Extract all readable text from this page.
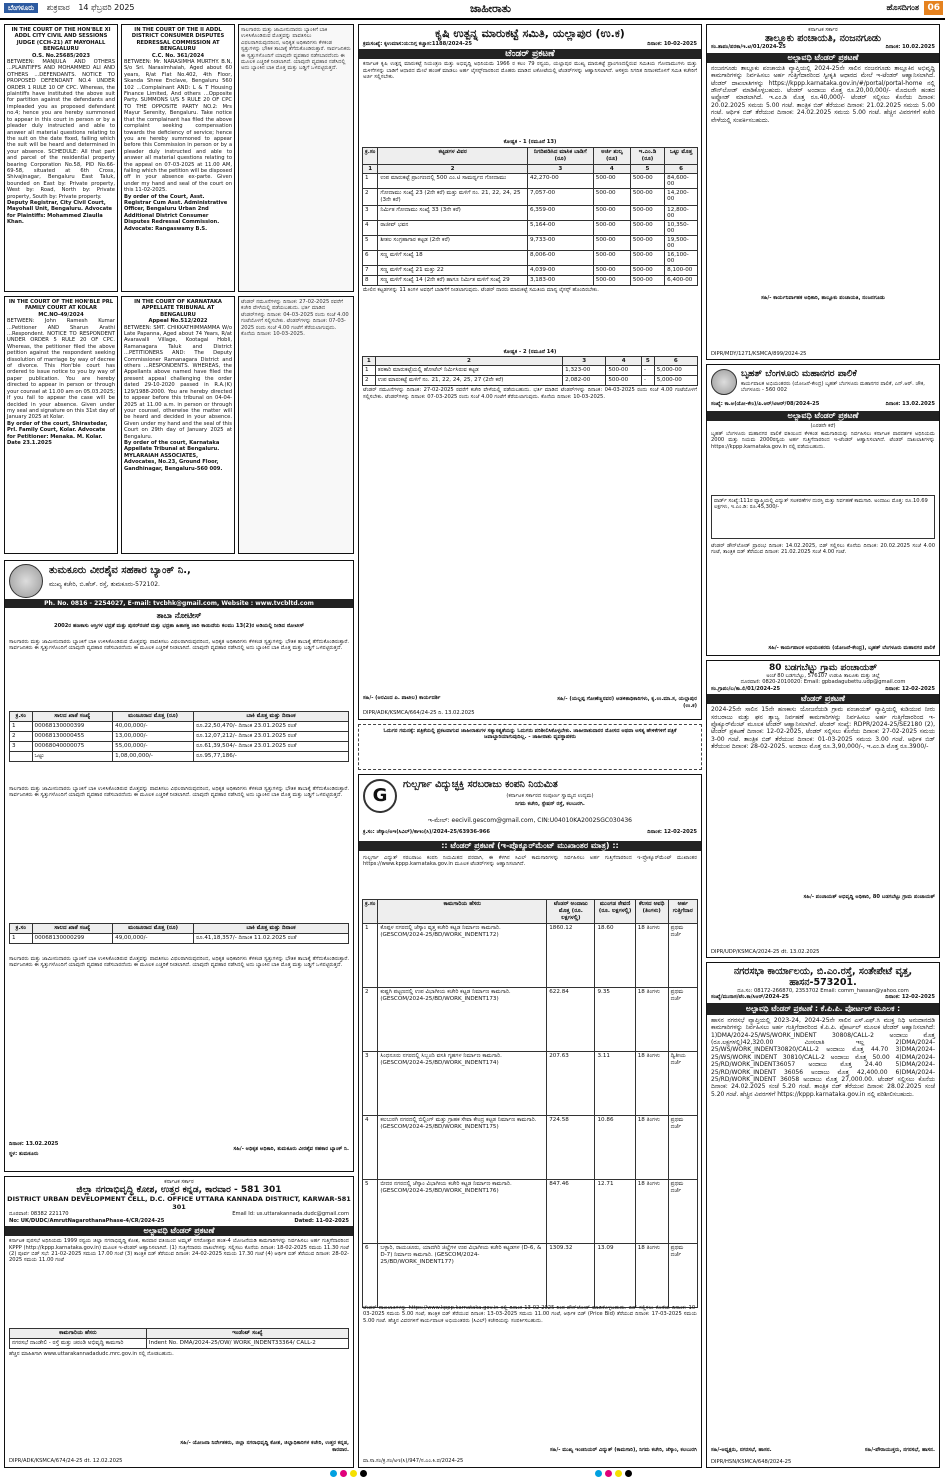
ಬೆಂಗಳೂರು ಶುಕ್ರವಾರ 14 ಫೆಬ್ರವರಿ 2025	ಜಾಹೀರಾತು	ಹೊಸದಿಗಂತ 06
IN THE COURT OF THE HON'BLE XI ADDL CITY CIVIL AND SESSIONS JUDGE (CCH-21) AT MAYOHALL BENGALURU
O.S. No.25685/2023
BETWEEN: MANJULA AND OTHERS ...PLAINTIFFS AND MOHAMMED ALI AND OTHERS ...DEFENDANTS. NOTICE TO PROPOSED DEFENDANT NO.4 UNDER ORDER 1 RULE 10 OF CPC. Whereas, the plaintiffs have instituted the above suit for partition against the defendants and impleaded you as proposed defendant no.4; hence you are hereby summoned to appear in this court in person or by a pleader duly instructed and able to answer all material questions relating to the suit on the date fixed, failing which the suit will be heard and determined in your absence. SCHEDULE: All that part and parcel of the residential property bearing Corporation No.58, PID No.66-69-58, situated at 6th Cross, Shivajinagar, Bengaluru East Taluk, bounded on East by: Private property, West by: Road, North by: Private property, South by: Private property.
Deputy Registrar, City Civil Court, Mayohall Unit, Bengaluru. Advocate for Plaintiffs: Mohammed Ziaulla Khan.
IN THE COURT OF THE II ADDL DISTRICT CONSUMER DISPUTES REDRESSAL COMMISSION AT BENGALURU
C.C. No. 361/2024
BETWEEN: Mr. NARASIMHA MURTHY. B.N, S/o Sri. Narasimhaiah, Aged about 60 years, R/at Flat No.402, 4th Floor, Skanda Shree Enclave, Bengaluru 560 102 ...Complainant AND: L & T Housing Finance Limited, And others ...Opposite Party. SUMMONS U/S 5 RULE 20 OF CPC TO THE OPPOSITE PARTY NO.2: Mrs Mayur Serenity, Bengaluru. Take notice that the complainant has filed the above complaint seeking compensation towards the deficiency of service; hence you are hereby summoned to appear before this Commission in person or by a pleader duly instructed and able to answer all material questions relating to the appeal on 07-03-2025 at 11.00 AM, failing which the petition will be disposed off in your absence ex-parte. Given under my hand and seal of the court on this 11-02-2025.
By order of the Court, Asst. Registrar Cum Asst. Administrative Officer, Bengaluru Urban 2nd Additional District Consumer Disputes Redressal Commission. Advocate: Rangaswamy B.S.
ಸಾಲಗಾರರು ಮತ್ತು ಜಾಮೀನುದಾರರು ಬ್ಯಾಂಕಿಗೆ ಬಾಕಿ ಉಳಿಸಿಕೊಂಡಿರುವ ಮೊತ್ತವನ್ನು ಪಾವತಿಸಲು ವಿಫಲರಾಗಿರುವುದರಿಂದ, ಅಧಿಕೃತ ಅಧಿಕಾರಿಗಳು ಕೆಳಕಂಡ ಸ್ವತ್ತುಗಳನ್ನು ಭೌತಿಕ ತಾಬಾಕ್ಕೆ ತೆಗೆದುಕೊಂಡಿರುತ್ತಾರೆ. ಸಾರ್ವಜನಿಕರು ಈ ಸ್ವತ್ತುಗಳೊಂದಿಗೆ ಯಾವುದೇ ವ್ಯವಹಾರ ನಡೆಸಬಾರದೆಂದು ಈ ಮೂಲಕ ಎಚ್ಚರಿಕೆ ನೀಡಲಾಗಿದೆ. ಯಾವುದೇ ವ್ಯವಹಾರ ನಡೆಸಿದಲ್ಲಿ ಅದು ಬ್ಯಾಂಕಿನ ಬಾಕಿ ಮೊತ್ತ ಮತ್ತು ಬಡ್ಡಿಗೆ ಒಳಪಟ್ಟಿರುತ್ತದೆ.
IN THE COURT OF THE HON'BLE PRL FAMILY COURT AT KOLAR
MC.NO-49/2024
BETWEEN: John Ramesh Kumar ...Petitioner AND Sharun Arathi ...Respondent. NOTICE TO RESPONDENT UNDER ORDER 5 RULE 20 OF CPC. Whereas, the petitioner filed the above petition against the respondent seeking dissolution of marriage by way of decree of divorce. This Hon'ble court has ordered to issue notice to you by way of paper publication. You are hereby directed to appear in person or through your counsel at 11.00 am on 05.03.2025; if you fail to appear the case will be decided in your absence. Given under my seal and signature on this 31st day of January 2025 at Kolar.
By order of the court, Shirastedar, Prl. Family Court, Kolar. Advocate for Petitioner: Menaka. M. Kolar. Date 23.1.2025
IN THE COURT OF KARNATAKA APPELLATE TRIBUNAL AT BENGALURU
Appeal No.512/2022
BETWEEN: SMT. CHIKKATHIMMAMMA W/o Late Papanna, Aged about 74 Years, R/at Avaravalli Village, Kootagal Hobli, Ramanagara Taluk and District ...PETITIONERS AND: The Deputy Commissioner Ramanagara District and others ...RESPONDENTS. WHEREAS, the Appellants above named have filed the present appeal challenging the order dated 29-10-2020 passed in R.A.(K) 129/1988-2000. You are hereby directed to appear before this tribunal on 04-04-2025 at 11.00 a.m. in person or through your counsel, otherwise the matter will be heard and decided in your absence. Given under my hand and the seal of this Court on 29th day of January 2025 at Bengaluru.
By order of the court, Karnataka Appellate Tribunal at Bengaluru. MYLARAIAH ASSOCIATES, Advocates, No.23, Ground Floor, Gandhinagar, Bengaluru-560 009.
ಟೆಂಡರ್ ನಮೂನೆಗಳನ್ನು ದಿನಾಂಕ: 27-02-2025 ರವರೆಗೆ ಕಚೇರಿ ವೇಳೆಯಲ್ಲಿ ಪಡೆಯಬಹುದು. ಭರ್ತಿ ಮಾಡಿದ ಟೆಂಡರ್‌ಗಳನ್ನು ದಿನಾಂಕ: 04-03-2025 ರಂದು ಸಂಜೆ 4.00 ಗಂಟೆಯೊಳಗೆ ಸಲ್ಲಿಸಬೇಕು. ಟೆಂಡರ್‌ಗಳನ್ನು ದಿನಾಂಕ: 07-03-2025 ರಂದು ಸಂಜೆ 4.00 ಗಂಟೆಗೆ ತೆರೆಯಲಾಗುವುದು. ಕೊನೆಯ ದಿನಾಂಕ: 10-03-2025.
ತುಮಕೂರು ವೀರಶೈವ ಸಹಕಾರ ಬ್ಯಾಂಕ್ ನಿ.,
ಮುಖ್ಯ ಕಚೇರಿ, ಬಿ.ಹೆಚ್. ರಸ್ತೆ, ತುಮಕೂರು-572102.
Ph. No. 0816 - 2254027, E-mail: tvcbhk@gmail.com, Website : www.tvcbltd.com
ತಾಬಾ ನೋಟೀಸ್
2002ರ ಹಣಕಾಸು ಆಸ್ತಿಗಳ ಭದ್ರತೆ ಮತ್ತು ಪುನರ್‌ರಚನೆ ಮತ್ತು ಭದ್ರತಾ ಹಿತಾಸಕ್ತಿ ಜಾರಿ ಕಾಯಿದೆಯ ಕಲಮು 13(2)ರ ಅಡಿಯಲ್ಲಿ ನೀಡಿದ ನೋಟೀಸ್
ಸಾಲಗಾರರು ಮತ್ತು ಜಾಮೀನುದಾರರು ಬ್ಯಾಂಕಿಗೆ ಬಾಕಿ ಉಳಿಸಿಕೊಂಡಿರುವ ಮೊತ್ತವನ್ನು ಪಾವತಿಸಲು ವಿಫಲರಾಗಿರುವುದರಿಂದ, ಅಧಿಕೃತ ಅಧಿಕಾರಿಗಳು ಕೆಳಕಂಡ ಸ್ವತ್ತುಗಳನ್ನು ಭೌತಿಕ ತಾಬಾಕ್ಕೆ ತೆಗೆದುಕೊಂಡಿರುತ್ತಾರೆ. ಸಾರ್ವಜನಿಕರು ಈ ಸ್ವತ್ತುಗಳೊಂದಿಗೆ ಯಾವುದೇ ವ್ಯವಹಾರ ನಡೆಸಬಾರದೆಂದು ಈ ಮೂಲಕ ಎಚ್ಚರಿಕೆ ನೀಡಲಾಗಿದೆ. ಯಾವುದೇ ವ್ಯವಹಾರ ನಡೆಸಿದಲ್ಲಿ ಅದು ಬ್ಯಾಂಕಿನ ಬಾಕಿ ಮೊತ್ತ ಮತ್ತು ಬಡ್ಡಿಗೆ ಒಳಪಟ್ಟಿರುತ್ತದೆ.
ಕ್ರ.ಸಂ	ಸಾಲದ ಖಾತೆ ಸಂಖ್ಯೆ	ಮಂಜೂರಾದ ಮೊತ್ತ (ರೂ)	ಬಾಕಿ ಮೊತ್ತ ಮತ್ತು ದಿನಾಂಕ
1	00068130000399	40,00,000/-	ರೂ.22,50,470/- ದಿನಾಂಕ 23.01.2025 ರಂತೆ
2	00068130000455	13,00,000/-	ರೂ.12,07,212/- ದಿನಾಂಕ 23.01.2025 ರಂತೆ
3	00068040000075	55,00,000/-	ರೂ.61,39,504/- ದಿನಾಂಕ 23.01.2025 ರಂತೆ
	ಒಟ್ಟು	1,08,00,000/-	ರೂ.95,77,186/-
ಸಾಲಗಾರರು ಮತ್ತು ಜಾಮೀನುದಾರರು ಬ್ಯಾಂಕಿಗೆ ಬಾಕಿ ಉಳಿಸಿಕೊಂಡಿರುವ ಮೊತ್ತವನ್ನು ಪಾವತಿಸಲು ವಿಫಲರಾಗಿರುವುದರಿಂದ, ಅಧಿಕೃತ ಅಧಿಕಾರಿಗಳು ಕೆಳಕಂಡ ಸ್ವತ್ತುಗಳನ್ನು ಭೌತಿಕ ತಾಬಾಕ್ಕೆ ತೆಗೆದುಕೊಂಡಿರುತ್ತಾರೆ. ಸಾರ್ವಜನಿಕರು ಈ ಸ್ವತ್ತುಗಳೊಂದಿಗೆ ಯಾವುದೇ ವ್ಯವಹಾರ ನಡೆಸಬಾರದೆಂದು ಈ ಮೂಲಕ ಎಚ್ಚರಿಕೆ ನೀಡಲಾಗಿದೆ. ಯಾವುದೇ ವ್ಯವಹಾರ ನಡೆಸಿದಲ್ಲಿ ಅದು ಬ್ಯಾಂಕಿನ ಬಾಕಿ ಮೊತ್ತ ಮತ್ತು ಬಡ್ಡಿಗೆ ಒಳಪಟ್ಟಿರುತ್ತದೆ.
ಕ್ರ.ಸಂ	ಸಾಲದ ಖಾತೆ ಸಂಖ್ಯೆ	ಮಂಜೂರಾದ ಮೊತ್ತ (ರೂ)	ಬಾಕಿ ಮೊತ್ತ ಮತ್ತು ದಿನಾಂಕ
1	00068130000299	49,00,000/-	ರೂ.41,18,357/- ದಿನಾಂಕ 11.02.2025 ರಂತೆ
ಸಾಲಗಾರರು ಮತ್ತು ಜಾಮೀನುದಾರರು ಬ್ಯಾಂಕಿಗೆ ಬಾಕಿ ಉಳಿಸಿಕೊಂಡಿರುವ ಮೊತ್ತವನ್ನು ಪಾವತಿಸಲು ವಿಫಲರಾಗಿರುವುದರಿಂದ, ಅಧಿಕೃತ ಅಧಿಕಾರಿಗಳು ಕೆಳಕಂಡ ಸ್ವತ್ತುಗಳನ್ನು ಭೌತಿಕ ತಾಬಾಕ್ಕೆ ತೆಗೆದುಕೊಂಡಿರುತ್ತಾರೆ. ಸಾರ್ವಜನಿಕರು ಈ ಸ್ವತ್ತುಗಳೊಂದಿಗೆ ಯಾವುದೇ ವ್ಯವಹಾರ ನಡೆಸಬಾರದೆಂದು ಈ ಮೂಲಕ ಎಚ್ಚರಿಕೆ ನೀಡಲಾಗಿದೆ. ಯಾವುದೇ ವ್ಯವಹಾರ ನಡೆಸಿದಲ್ಲಿ ಅದು ಬ್ಯಾಂಕಿನ ಬಾಕಿ ಮೊತ್ತ ಮತ್ತು ಬಡ್ಡಿಗೆ ಒಳಪಟ್ಟಿರುತ್ತದೆ.
ದಿನಾಂಕ: 13.02.2025
ಸ್ಥಳ: ತುಮಕೂರು
ಸಹಿ/- ಅಧಿಕೃತ ಅಧಿಕಾರಿ, ತುಮಕೂರು ವೀರಶೈವ ಸಹಕಾರ ಬ್ಯಾಂಕ್ ನಿ.
ಕರ್ನಾಟಕ ಸರ್ಕಾರ
ಜಿಲ್ಲಾ ನಗರಾಭಿವೃದ್ಧಿ ಕೋಶ, ಉತ್ತರ ಕನ್ನಡ, ಕಾರವಾರ - 581 301
DISTRICT URBAN DEVELOPMENT CELL, D.C. OFFICE UTTARA KANNADA DISTRICT, KARWAR-581 301
ದೂರವಾಣಿ: 08382 221170	Email Id: us.uttarakannada.dudc@gmail.com
No: UK/DUDC/AmrutNagarothanaPhase-4/CR/2024-25	Dated: 11-02-2025
ಅಲ್ಪಾವಧಿ ಟೆಂಡರ್ ಪ್ರಕಟಣೆ
ಕರ್ನಾಟಕ ಪುರಸಭೆ ಅಧಿನಿಯಮ 1999 ರನ್ವಯ ಜಿಲ್ಲಾ ನಗರಾಭಿವೃದ್ಧಿ ಕೋಶ, ಕಾರವಾರ ವತಿಯಿಂದ ಅಮೃತ್ ನಗರೋತ್ಥಾನ ಹಂತ-4 ಯೋಜನೆಯಡಿ ಕಾಮಗಾರಿಗಳನ್ನು ನಿರ್ವಹಿಸಲು ಅರ್ಹ ಗುತ್ತಿಗೆದಾರರಿಂದ KPPP (http://kppp.karnataka.gov.in) ಮೂಲಕ ಇ-ಟೆಂಡರ್ ಆಹ್ವಾನಿಸಲಾಗಿದೆ. (1) ಗುತ್ತಿಗೆದಾರರು ದಾಖಲೆಗಳನ್ನು ಸಲ್ಲಿಸಲು ಕೊನೆಯ ದಿನಾಂಕ: 18-02-2025 ಸಮಯ 11.30 ಗಂಟೆ (2) ಪೂರ್ವ ಬಿಡ್ ಸಭೆ: 21-02-2025 ಸಮಯ 17.00 ಗಂಟೆ (3) ತಾಂತ್ರಿಕ ಬಿಡ್ ತೆರೆಯುವ ದಿನಾಂಕ: 24-02-2025 ಸಮಯ 17.30 ಗಂಟೆ (4) ಆರ್ಥಿಕ ಬಿಡ್ ತೆರೆಯುವ ದಿನಾಂಕ: 28-02-2025 ಸಮಯ 11.00 ಗಂಟೆ
ಕಾಮಗಾರಿಯ ಹೆಸರು	ಇಂಡೆಂಟ್ ಸಂಖ್ಯೆ
ನಗರಸಭೆ ದಾಂಡೇಲಿ - ರಸ್ತೆ ಮತ್ತು ಚರಂಡಿ ಅಭಿವೃದ್ಧಿ ಕಾಮಗಾರಿ	Indent No. DMA/2024-25/OW/ WORK_INDENT33364/ CALL-2
ಹೆಚ್ಚಿನ ಮಾಹಿತಿಗಾಗಿ www.uttarakannadadudc.mrc.gov.in ನಲ್ಲಿ ನೋಡಬಹುದು.
ಸಹಿ/- ಯೋಜನಾ ನಿರ್ದೇಶಕರು, ಜಿಲ್ಲಾ ನಗರಾಭಿವೃದ್ಧಿ ಕೋಶ, ಜಿಲ್ಲಾಧಿಕಾರಿಗಳ ಕಚೇರಿ, ಉತ್ತರ ಕನ್ನಡ, ಕಾರವಾರ.
DIPR/ADK/KSMCA/674/24-25 dt. 12.02.2025
ಕೃಷಿ ಉತ್ಪನ್ನ ಮಾರುಕಟ್ಟೆ ಸಮಿತಿ, ಯಲ್ಲಾಪುರ (ಉ.ಕ)
ಕ್ರಮಸಂಖ್ಯೆ: ಕೃಉಮಾಸ:ಯ:ನಿಗ್ಗ ಕಚ್ಚಾಸ:1188/2024-25	ದಿನಾಂಕ: 10-02-2025
ಟೆಂಡರ್ ಪ್ರಕಟಣೆ
ಕರ್ನಾಟಕ ಕೃಷಿ ಉತ್ಪನ್ನ ಮಾರುಕಟ್ಟೆ ನಿಯಂತ್ರಣ ಮತ್ತು ಅಭಿವೃದ್ಧಿ ಅಧಿನಿಯಮ 1966 ರ ಕಲಂ 79 ರನ್ವಯ, ಯಲ್ಲಾಪುರ ಮುಖ್ಯ ಮಾರುಕಟ್ಟೆ ಪ್ರಾಂಗಣದಲ್ಲಿರುವ ಸಮಿತಿಯ ಗೋದಾಮುಗಳು ಮತ್ತು ಮಳಿಗೆಗಳನ್ನು ಬಾಡಿಗೆ ಆಧಾರದ ಮೇಲೆ ಹಂಚಿಕೆ ಮಾಡಲು ಅರ್ಹ ಲೈಸನ್ಸ್‌ದಾರರಿಂದ ಮೊಹರು ಮಾಡಿದ ಲಕೋಟೆಯಲ್ಲಿ ಟೆಂಡರ್‌ಗಳನ್ನು ಆಹ್ವಾನಿಸಲಾಗಿದೆ. ಆಸಕ್ತರು ನಿಗದಿತ ದಿನಾಂಕದೊಳಗೆ ಸಮಿತಿ ಕಚೇರಿಗೆ ಅರ್ಜಿ ಸಲ್ಲಿಸಬೇಕು.
ಕೋಷ್ಟಕ - 1 (ನಮೂನೆ 13)
ಕ್ರ.ಸಂ	ಕಟ್ಟಡಗಳ ವಿವರ	ನಿಗದಿಪಡಿಸಿದ ಮಾಸಿಕ ಬಾಡಿಗೆ (ರೂ)	ಅರ್ಜಿ ಶುಲ್ಕ (ರೂ)	ಇ.ಎಂ.ಡಿ (ರೂ)	ಒಟ್ಟು ಮೊತ್ತ
1	2	3	4	5	6
1	ಉಪ ಮಾರುಕಟ್ಟೆ ಪ್ರಾಂಗಣದಲ್ಲಿ 500 ಎಂ.ಟಿ ಸಾಮರ್ಥ್ಯದ ಗೋದಾಮು	42,270-00	500-00	500-00	84,600-00
2	ಗೋದಾಮು ಸಂಖ್ಯೆ 23 (2ನೇ ಕರೆ) ಮತ್ತು ಮಳಿಗೆ ನಂ. 21, 22, 24, 25 (3ನೇ ಕರೆ)	7,057-00	500-00	500-00	14,200-00
3	ನಿರ್ಮಿತ ಗೋದಾಮು ಸಂಖ್ಯೆ 33 (3ನೇ ಕರೆ)	6,359-00	500-00	500-00	12,800-00
4	ರಾಜೀವ್ ಭವನ	5,164-00	500-00	500-00	10,350-00
5	ಶೀತಲ ಸಂಗ್ರಹಾಗಾರ ಕಟ್ಟಡ (2ನೇ ಕರೆ)	9,733-00	500-00	500-00	19,500-00
6	ಸಣ್ಣ ಮಳಿಗೆ ಸಂಖ್ಯೆ 18	8,006-00	500-00	500-00	16,100-00
7	ಸಣ್ಣ ಮಳಿಗೆ ಸಂಖ್ಯೆ 21 ಮತ್ತು 22	4,039-00	500-00	500-00	8,100-00
8	ಸಣ್ಣ ಮಳಿಗೆ ಸಂಖ್ಯೆ 14 (2ನೇ ಕರೆ) ಹಾಗೂ ನಿರ್ಮಿತ ಮಳಿಗೆ ಸಂಖ್ಯೆ 29	3,183-00	500-00	500-00	6,400-00
ಮೇಲಿನ ಕಟ್ಟಡಗಳನ್ನು 11 ತಿಂಗಳ ಅವಧಿಗೆ ಬಾಡಿಗೆಗೆ ನೀಡಲಾಗುವುದು. ಟೆಂಡರ್ ದಾರರು ಮಾರುಕಟ್ಟೆ ಸಮಿತಿಯ ಮಾನ್ಯ ಲೈಸನ್ಸ್ ಹೊಂದಿರಬೇಕು.
ಕೋಷ್ಟಕ - 2 (ನಮೂನೆ 14)
1	2	3	4	5	6
1	ತರಕಾರಿ ಮಾರುಕಟ್ಟೆಯಲ್ಲಿ ಹೋಟೆಲ್ ನಿರ್ಮಿಸಿರುವ ಕಟ್ಟಡ	1,323-00	500-00	-	5,000-00
2	ಉಪ ಮಾರುಕಟ್ಟೆ ಮಳಿಗೆ ನಂ. 21, 22, 24, 25, 27 (2ನೇ ಕರೆ)	2,082-00	500-00	-	5,000-00
ಟೆಂಡರ್ ನಮೂನೆಗಳನ್ನು ದಿನಾಂಕ: 27-02-2025 ರವರೆಗೆ ಕಚೇರಿ ವೇಳೆಯಲ್ಲಿ ಪಡೆಯಬಹುದು. ಭರ್ತಿ ಮಾಡಿದ ಟೆಂಡರ್‌ಗಳನ್ನು ದಿನಾಂಕ: 04-03-2025 ರಂದು ಸಂಜೆ 4.00 ಗಂಟೆಯೊಳಗೆ ಸಲ್ಲಿಸಬೇಕು. ಟೆಂಡರ್‌ಗಳನ್ನು ದಿನಾಂಕ: 07-03-2025 ರಂದು ಸಂಜೆ 4.00 ಗಂಟೆಗೆ ತೆರೆಯಲಾಗುವುದು. ಕೊನೆಯ ದಿನಾಂಕ: 10-03-2025.
ಸಹಿ/- (ಅರವಿಂದ ಪಿ. ಪಾಟೀಲ) ಕಾರ್ಯದರ್ಶಿ	ಸಹಿ/- (ಯಲ್ಲಪ್ಪ ಗೋಣೆಣ್ಣನವರ) ಆಡಳಿತಾಧಿಕಾರಿಗಳು, ಕೃ.ಉ.ಮಾ.ಸ, ಯಲ್ಲಾಪುರ (ಉ.ಕ)
DIPR/ADK/KSMCA/664/24-25 ದಿ. 13.02.2025
ಓದುಗರ ಗಮನಕ್ಕೆ: ಪತ್ರಿಕೆಯಲ್ಲಿ ಪ್ರಕಟವಾಗುವ ಜಾಹೀರಾತುಗಳ ಸತ್ಯಾಸತ್ಯತೆಯನ್ನು ಓದುಗರು ಪರಿಶೀಲಿಸಿಕೊಳ್ಳಬೇಕು. ಜಾಹೀರಾತುದಾರರ ಮೋಸದ ಅಥವಾ ಅಸತ್ಯ ಹೇಳಿಕೆಗಳಿಗೆ ಪತ್ರಿಕೆ ಜವಾಬ್ದಾರಿಯಾಗುವುದಿಲ್ಲ. - ಜಾಹೀರಾತು ವ್ಯವಸ್ಥಾಪಕರು
G
ಗುಲ್ಬರ್ಗಾ ವಿದ್ಯುಚ್ಛಕ್ತಿ ಸರಬರಾಜು ಕಂಪನಿ ನಿಯಮಿತ
(ಕರ್ನಾಟಕ ಸರ್ಕಾರದ ಸಂಪೂರ್ಣ ಸ್ವಾಮ್ಯದ ಉದ್ಯಮ)
ನಿಗಮ ಕಚೇರಿ, ಸ್ಟೇಷನ್ ರಸ್ತೆ, ಕಲಬುರಗಿ.
ಇ-ಮೇಲ್: eecivil.gescom@gmail.com, CIN:U04010KA2002SGC030436
ಕ್ರ.ಸಂ: ಜೆಸ್ಕಾಂ/ಅಇ(ಸಿವಿಲ್)/ಕಾಇಂ(ಸಿ)/2024-25/63936-966	ದಿನಾಂಕ: 12-02-2025
:: ಟೆಂಡರ್ ಪ್ರಕಟಣೆ (ಇ-ಪ್ರೊಕ್ಯೂರ್‌ಮೆಂಟ್ ಮುಖಾಂತರ ಮಾತ್ರ) ::
ಗುಲ್ಬರ್ಗಾ ವಿದ್ಯುತ್ ಸರಬರಾಜು ಕಂಪನಿ ನಿಯಮಿತದ ಪರವಾಗಿ, ಈ ಕೆಳಗಿನ ಸಿವಿಲ್ ಕಾಮಗಾರಿಗಳನ್ನು ನಿರ್ವಹಿಸಲು ಅರ್ಹ ಗುತ್ತಿಗೆದಾರರಿಂದ ಇ-ಪ್ರೊಕ್ಯೂರ್‌ಮೆಂಟ್ ಮುಖಾಂತರ https://www.kppp.karnataka.gov.in ಮೂಲಕ ಟೆಂಡರ್‌ಗಳನ್ನು ಆಹ್ವಾನಿಸಲಾಗಿದೆ.
ಕ್ರ.ಸಂ	ಕಾಮಗಾರಿಯ ಹೆಸರು	ಟೆಂಡರ್ ಅಂದಾಜು ಮೊತ್ತ (ರೂ. ಲಕ್ಷಗಳಲ್ಲಿ)	ಮುಂಗಡ ಠೇವಣಿ (ರೂ. ಲಕ್ಷಗಳಲ್ಲಿ)	ಕೆಲಸದ ಅವಧಿ (ತಿಂಗಳು)	ಅರ್ಹ ಗುತ್ತಿಗೆದಾರ
1	ಕೊಪ್ಪಳ ನಗರದಲ್ಲಿ ಜೆಸ್ಕಾಂ ವೃತ್ತ ಕಚೇರಿ ಕಟ್ಟಡ ನಿರ್ಮಾಣ ಕಾಮಗಾರಿ. (GESCOM/2024-25/BD/WORK_INDENT172)	1860.12	18.60	18 ತಿಂಗಳು	ಪ್ರಥಮ ದರ್ಜೆ
2	ಕುಷ್ಟಗಿ ಪಟ್ಟಣದಲ್ಲಿ ಉಪ ವಿಭಾಗೀಯ ಕಚೇರಿ ಕಟ್ಟಡ ನಿರ್ಮಾಣ ಕಾಮಗಾರಿ. (GESCOM/2024-25/BD/WORK_INDENT173)	622.84	9.35	18 ತಿಂಗಳು	ಪ್ರಥಮ ದರ್ಜೆ
3	ಸಿಂಧನೂರು ನಗರದಲ್ಲಿ ಸಿಬ್ಬಂದಿ ವಸತಿ ಗೃಹಗಳ ನಿರ್ಮಾಣ ಕಾಮಗಾರಿ. (GESCOM/2024-25/BD/WORK_INDENT174)	207.63	3.11	18 ತಿಂಗಳು	ದ್ವಿತೀಯ ದರ್ಜೆ
4	ಕಲಬುರಗಿ ನಗರದಲ್ಲಿ ಬಿಲ್ಲಿಂಗ್ ಮತ್ತು ಗ್ರಾಹಕ ಸೇವಾ ಕೇಂದ್ರ ಕಟ್ಟಡ ನಿರ್ಮಾಣ ಕಾಮಗಾರಿ. (GESCOM/2024-25/BD/WORK_INDENT175)	724.58	10.86	18 ತಿಂಗಳು	ಪ್ರಥಮ ದರ್ಜೆ
5	ಬೀದರ ನಗರದಲ್ಲಿ ಜೆಸ್ಕಾಂ ವಿಭಾಗೀಯ ಕಚೇರಿ ಕಟ್ಟಡ ನಿರ್ಮಾಣ ಕಾಮಗಾರಿ. (GESCOM/2024-25/BD/WORK_INDENT176)	847.46	12.71	18 ತಿಂಗಳು	ಪ್ರಥಮ ದರ್ಜೆ
6	ಬಳ್ಳಾರಿ, ರಾಯಚೂರು, ಯಾದಗಿರಿ ಜಿಲ್ಲೆಗಳ ಉಪ ವಿಭಾಗೀಯ ಕಚೇರಿ ಕಟ್ಟಡಗಳ (D-6, & D-7) ನಿರ್ಮಾಣ ಕಾಮಗಾರಿ. (GESCOM/2024-25/BD/WORK_INDENT177)	1309.32	13.09	18 ತಿಂಗಳು	ಪ್ರಥಮ ದರ್ಜೆ
ಟೆಂಡರ್ ದಾಖಲಾತಿಗಳನ್ನು https://www.kppp.karnataka.gov.in ನಲ್ಲಿ ದಿನಾಂಕ 13-02-2025 ರಿಂದ ಡೌನ್‌ಲೋಡ್ ಮಾಡಿಕೊಳ್ಳಬಹುದು. ಬಿಡ್ ಸಲ್ಲಿಸಲು ಕೊನೆಯ ದಿನಾಂಕ: 10-03-2025 ಸಮಯ 5.00 ಗಂಟೆ, ತಾಂತ್ರಿಕ ಬಿಡ್ ತೆರೆಯುವ ದಿನಾಂಕ: 13-03-2025 ಸಮಯ 11.00 ಗಂಟೆ, ಆರ್ಥಿಕ ಬಿಡ್ (Price Bid) ತೆರೆಯುವ ದಿನಾಂಕ: 17-03-2025 ಸಮಯ 5.00 ಗಂಟೆ. ಹೆಚ್ಚಿನ ವಿವರಗಳಿಗೆ ಕಾರ್ಯಪಾಲಕ ಅಭಿಯಂತರರು (ಸಿವಿಲ್) ಕಚೇರಿಯನ್ನು ಸಂಪರ್ಕಿಸಬಹುದು.
ಸಹಿ/- ಮುಖ್ಯ ಇಂಜಿನಿಯರ್ ವಿದ್ಯುತ್ (ಕಾಮಗಾರಿ), ನಿಗಮ ಕಚೇರಿ, ಜೆಸ್ಕಾಂ, ಕಲಬುರಗಿ
ವಾ.ಸಾ.ಸಂ/ಕ್ರ.ಸಂ/ಅಇ(ಸಿ)/947/ಸ.ಎಂ.ಕಿ.ಪ/2024-25
ಕರ್ನಾಟಕ ಸರ್ಕಾರ
ತಾಲ್ಲೂಕು ಪಂಚಾಯತಿ, ನಂಜನಗೂಡು
ಸಂ.ತಾಪಂ/ಪರಕಾ/ಇ.ಟಿ/01/2024-25	ದಿನಾಂಕ: 10.02.2025
ಅಲ್ಪಾವಧಿ ಟೆಂಡರ್ ಪ್ರಕಟಣೆ
ನಂಜನಗೂಡು ತಾಲ್ಲೂಕು ಪಂಚಾಯತಿ ವ್ಯಾಪ್ತಿಯಲ್ಲಿ 2024-25ನೇ ಸಾಲಿನ ನಂಜನಗೂಡು ತಾಲ್ಲೂಕಿನ ಅಭಿವೃದ್ಧಿ ಕಾಮಗಾರಿಗಳನ್ನು ನಿರ್ವಹಿಸಲು ಅರ್ಹ ಗುತ್ತಿಗೆದಾರರಿಂದ ಸ್ವೀಕೃತಿ ಆಧಾರದ ಮೇಲೆ ಇ-ಟೆಂಡರ್ ಆಹ್ವಾನಿಸಲಾಗಿದೆ. ಟೆಂಡರ್ ದಾಖಲಾತಿಗಳನ್ನು https://kppp.karnataka.gov.in/#/portal/portal-home ನಲ್ಲಿ ಡೌನ್‌ಲೋಡ್ ಮಾಡಿಕೊಳ್ಳಬಹುದು. ಟೆಂಡರ್ ಅಂದಾಜು ಮೊತ್ತ ರೂ.20,00,000/- ಮೊದಲನೇ ಹಂತದ ಅಪ್ಲೋಡ್ ಮಾಡಲಾಗಿದೆ. ಇ.ಎಂ.ಡಿ ಮೊತ್ತ ರೂ.40,000/- ಟೆಂಡರ್ ಸಲ್ಲಿಸಲು ಕೊನೆಯ ದಿನಾಂಕ: 20.02.2025 ಸಮಯ 5.00 ಗಂಟೆ. ತಾಂತ್ರಿಕ ಬಿಡ್ ತೆರೆಯುವ ದಿನಾಂಕ: 21.02.2025 ಸಮಯ 5.00 ಗಂಟೆ. ಆರ್ಥಿಕ ಬಿಡ್ ತೆರೆಯುವ ದಿನಾಂಕ: 24.02.2025 ಸಮಯ 5.00 ಗಂಟೆ. ಹೆಚ್ಚಿನ ವಿವರಗಳಿಗೆ ಕಚೇರಿ ವೇಳೆಯಲ್ಲಿ ಸಂಪರ್ಕಿಸಬಹುದು.
ಸಹಿ/- ಕಾರ್ಯನಿರ್ವಾಹಕ ಅಧಿಕಾರಿ, ತಾಲ್ಲೂಕು ಪಂಚಾಯತಿ, ನಂಜನಗೂಡು
DIPR/MDY/1271/KSMCA/899/2024-25
ಬೃಹತ್ ಬೆಂಗಳೂರು ಮಹಾನಗರ ಪಾಲಿಕೆ
ಕಾರ್ಯಪಾಲಕ ಅಭಿಯಂತರರು (ಯೋಜನೆ-ಕೇಂದ್ರ) ಬೃಹತ್ ಬೆಂಗಳೂರು ಮಹಾನಗರ ಪಾಲಿಕೆ, ಎನ್.ಆರ್. ಚೌಕ, ಬೆಂಗಳೂರು - 560 002
ಸಂಖ್ಯೆ: ಕಾ.ಅ(ಯೋ-ಕೇಂ)/ಪಿ.ಆರ್/ಟಿಆರ್/08/2024-25	ದಿನಾಂಕ: 13.02.2025
ಅಲ್ಪಾವಧಿ ಟೆಂಡರ್ ಪ್ರಕಟಣೆ
(ಎರಡನೇ ಕರೆ)
ಬೃಹತ್ ಬೆಂಗಳೂರು ಮಹಾನಗರ ಪಾಲಿಕೆ ವತಿಯಿಂದ ಕೆಳಕಂಡ ಕಾಮಗಾರಿಯನ್ನು ನಿರ್ವಹಿಸಲು ಕರ್ನಾಟಕ ಪಾರದರ್ಶಕ ಅಧಿನಿಯಮ 2000 ಮತ್ತು ನಿಯಮ 2000ರನ್ವಯ ಅರ್ಹ ಗುತ್ತಿಗೆದಾರರಿಂದ ಇ-ಟೆಂಡರ್ ಆಹ್ವಾನಿಸಲಾಗಿದೆ. ಟೆಂಡರ್ ದಾಖಲಾತಿಗಳನ್ನು https://kppp.karnataka.gov.in ನಲ್ಲಿ ಪಡೆಯಬಹುದು.
ವಾರ್ಡ್ ಸಂಖ್ಯೆ:111ರ ವ್ಯಾಪ್ತಿಯಲ್ಲಿ ವಿದ್ಯುತ್ ಸಲಕರಣೆಗಳ ದುರಸ್ತಿ ಮತ್ತು ನಿರ್ವಹಣೆ ಕಾಮಗಾರಿ. ಅಂದಾಜು ಮೊತ್ತ: ರೂ.10.69 ಲಕ್ಷಗಳು, ಇ.ಎಂ.ಡಿ: ರೂ.45,300/-
ಟೆಂಡರ್ ಡೌನ್‌ಲೋಡ್ ಪ್ರಾರಂಭ ದಿನಾಂಕ: 14.02.2025, ಬಿಡ್ ಸಲ್ಲಿಸಲು ಕೊನೆಯ ದಿನಾಂಕ: 20.02.2025 ಸಂಜೆ 4.00 ಗಂಟೆ, ತಾಂತ್ರಿಕ ಬಿಡ್ ತೆರೆಯುವ ದಿನಾಂಕ: 21.02.2025 ಸಂಜೆ 4.00 ಗಂಟೆ.
ಸಹಿ/- ಕಾರ್ಯಪಾಲಕ ಅಭಿಯಂತರರು (ಯೋಜನೆ-ಕೇಂದ್ರ), ಬೃಹತ್ ಬೆಂಗಳೂರು ಮಹಾನಗರ ಪಾಲಿಕೆ
80 ಬಡಗಬೆಟ್ಟು ಗ್ರಾಮ ಪಂಚಾಯತ್
ಅಂಚೆ 80 ಬಡಗಬೆಟ್ಟು, 576107 ಉಡುಪಿ ತಾಲೂಕು ಮತ್ತು ಜಿಲ್ಲೆ
ದೂರವಾಣಿ: 0820-2010020: Email: gpbadagubettu.udp@gmail.com
ಸಂ.ಗ್ರಾಪಂ/ಬ/ಕಾ.ಲಿ/01/2024-25	ದಿನಾಂಕ: 12-02-2025
ಟೆಂಡರ್ ಪ್ರಕಟಣೆ
2024-25ನೇ ಸಾಲಿನ 15ನೇ ಹಣಕಾಸು ಯೋಜನೆಯಡಿ ಗ್ರಾಮ ಪಂಚಾಯತ್ ವ್ಯಾಪ್ತಿಯಲ್ಲಿ ಕುಡಿಯುವ ನೀರು ಸರಬರಾಜು ಮತ್ತು ಘನ ತ್ಯಾಜ್ಯ ನಿರ್ವಹಣೆ ಕಾಮಗಾರಿಗಳನ್ನು ನಿರ್ವಹಿಸಲು ಅರ್ಹ ಗುತ್ತಿಗೆದಾರರಿಂದ ಇ-ಪ್ರೊಕ್ಯೂರ್‌ಮೆಂಟ್ ಮೂಲಕ ಟೆಂಡರ್ ಆಹ್ವಾನಿಸಲಾಗಿದೆ. ಟೆಂಡರ್ ಸಂಖ್ಯೆ: RDPR/2024-25/SE2180 (2), ಟೆಂಡರ್ ಪ್ರಕಟಣೆ ದಿನಾಂಕ: 12-02-2025, ಟೆಂಡರ್ ಸಲ್ಲಿಸಲು ಕೊನೆಯ ದಿನಾಂಕ: 27-02-2025 ಸಮಯ 3-00 ಗಂಟೆ. ತಾಂತ್ರಿಕ ಬಿಡ್ ತೆರೆಯುವ ದಿನಾಂಕ: 01-03-2025 ಸಮಯ 3.00 ಗಂಟೆ. ಆರ್ಥಿಕ ಬಿಡ್ ತೆರೆಯುವ ದಿನಾಂಕ: 28-02-2025. ಅಂದಾಜು ಮೊತ್ತ ರೂ.3,90,000/-, ಇ.ಎಂ.ಡಿ ಮೊತ್ತ ರೂ.3900/-
ಸಹಿ/- ಪಂಚಾಯತ್ ಅಭಿವೃದ್ಧಿ ಅಧಿಕಾರಿ, 80 ಬಡಗಬೆಟ್ಟು ಗ್ರಾಮ ಪಂಚಾಯತ್
DIPR/UDP/KSMCA/2024-25 dt. 13.02.2025
ನಗರಸಭಾ ಕಾರ್ಯಾಲಯ, ಬಿ.ಎಂ.ರಸ್ತೆ, ಸಂತೇಪೇಟೆ ವೃತ್ತ, ಹಾಸನ-573201.
ದೂ.ಸಂ: 08172-266870, 2353702 Email: comm_hassan@yahoo.com
ಸಂಖ್ಯೆ/ಮುನಾಸ/ಟೆಂ.ಕಾ/ಸಿಆರ್/2024-25	ದಿನಾಂಕ: 12-02-2025
ಅಲ್ಪಾವಧಿ ಟೆಂಡರ್ ಪ್ರಕಟಣೆ : ಕೆ.ಪಿ.ಪಿ. ಪೋರ್ಟಲ್ ಮೂಲಕ :
ಹಾಸನ ನಗರಸಭೆ ವ್ಯಾಪ್ತಿಯಲ್ಲಿ 2023-24, 2024-25ನೇ ಸಾಲಿನ ಎಸ್.ಎಫ್.ಸಿ ಮುಕ್ತ ನಿಧಿ ಅನುದಾನದಡಿ ಕಾಮಗಾರಿಗಳನ್ನು ನಿರ್ವಹಿಸಲು ಅರ್ಹ ಗುತ್ತಿಗೆದಾರರಿಂದ ಕೆ.ಪಿ.ಪಿ. ಪೋರ್ಟಲ್ ಮೂಲಕ ಟೆಂಡರ್ ಆಹ್ವಾನಿಸಲಾಗಿದೆ: 1)DMA/2024-25/WS/WORK_INDENT 30808/CALL-2 ಅಂದಾಜು ಮೊತ್ತ (ರೂ.ಲಕ್ಷಗಳಲ್ಲಿ)42,320.00 ಮೀಸಲಾತಿ ಇಲ್ಲ 2)DMA/2024-25/WS/WORK_INDENT30820/CALL-2 ಅಂದಾಜು ಮೊತ್ತ 44.70 3)DMA/2024-25/WS/WORK_INDENT 30810/CALL-2 ಅಂದಾಜು ಮೊತ್ತ 50.00 4)DMA/2024-25/RD/WORK_INDENT36057 ಅಂದಾಜು ಮೊತ್ತ 24.40 5)DMA/2024-25/RD/WORK_INDENT 36056 ಅಂದಾಜು ಮೊತ್ತ 42,400.00 6)DMA/2024-25/RD/WORK_INDENT 36058 ಅಂದಾಜು ಮೊತ್ತ 27,000.00. ಟೆಂಡರ್ ಸಲ್ಲಿಸಲು ಕೊನೆಯ ದಿನಾಂಕ: 24.02.2025 ಸಂಜೆ 5.20 ಗಂಟೆ. ತಾಂತ್ರಿಕ ಬಿಡ್ ತೆರೆಯುವ ದಿನಾಂಕ: 28.02.2025 ಸಂಜೆ 5.20 ಗಂಟೆ. ಹೆಚ್ಚಿನ ವಿವರಗಳಿಗೆ https://kppp.karnataka.gov.in ನಲ್ಲಿ ಪರಿಶೀಲಿಸಬಹುದು.
ಸಹಿ/-ಅಧ್ಯಕ್ಷರು, ನಗರಸಭೆ, ಹಾಸನ.	ಸಹಿ/-ಪೌರಾಯುಕ್ತರು, ನಗರಸಭೆ, ಹಾಸನ.
DIPR/HSN/KSMCA/648/2024-25
